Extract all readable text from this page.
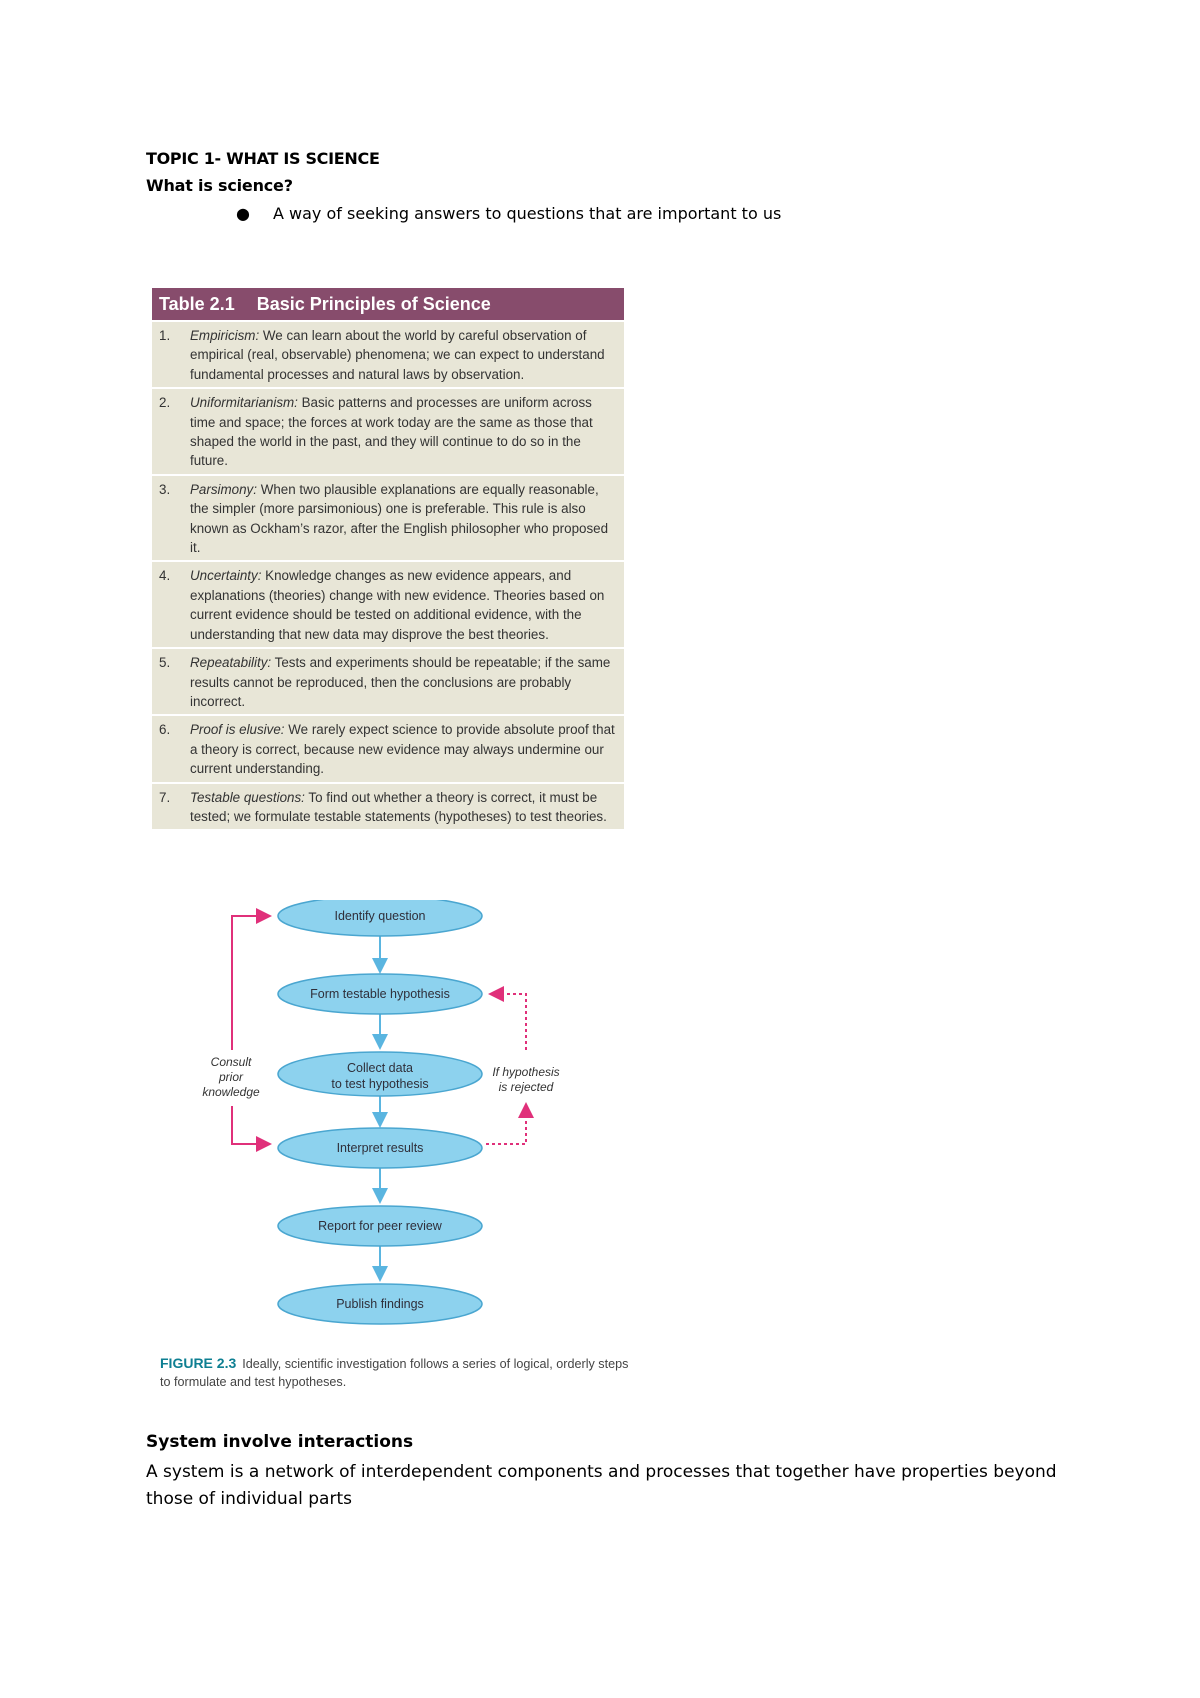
TOPIC 1- WHAT IS SCIENCE
What is science?
● A way of seeking answers to questions that are important to us
Table 2.1 Basic Principles of Science
1.	Empiricism: We can learn about the world by careful observation of empirical (real, observable) phenomena; we can expect to understand fundamental processes and natural laws by observation.
2.	Uniformitarianism: Basic patterns and processes are uniform across time and space; the forces at work today are the same as those that shaped the world in the past, and they will continue to do so in the future.
3.	Parsimony: When two plausible explanations are equally reasonable, the simpler (more parsimonious) one is preferable. This rule is also known as Ockham’s razor, after the English philosopher who proposed it.
4.	Uncertainty: Knowledge changes as new evidence appears, and explanations (theories) change with new evidence. Theories based on current evidence should be tested on additional evidence, with the understanding that new data may disprove the best theories.
5.	Repeatability: Tests and experiments should be repeatable; if the same results cannot be reproduced, then the conclusions are probably incorrect.
6.	Proof is elusive: We rarely expect science to provide absolute proof that a theory is correct, because new evidence may always undermine our current understanding.
7.	Testable questions: To find out whether a theory is correct, it must be tested; we formulate testable statements (hypotheses) to test theories.
Identify question
Form testable hypothesis
Collect data
to test hypothesis
Interpret results
Report for peer review
Publish findings
Consult
prior
knowledge
If hypothesis
is rejected
FIGURE 2.3 Ideally, scientific investigation follows a series of logical, orderly steps to formulate and test hypotheses.
System involve interactions
A system is a network of interdependent components and processes that together have properties beyond those of individual parts
